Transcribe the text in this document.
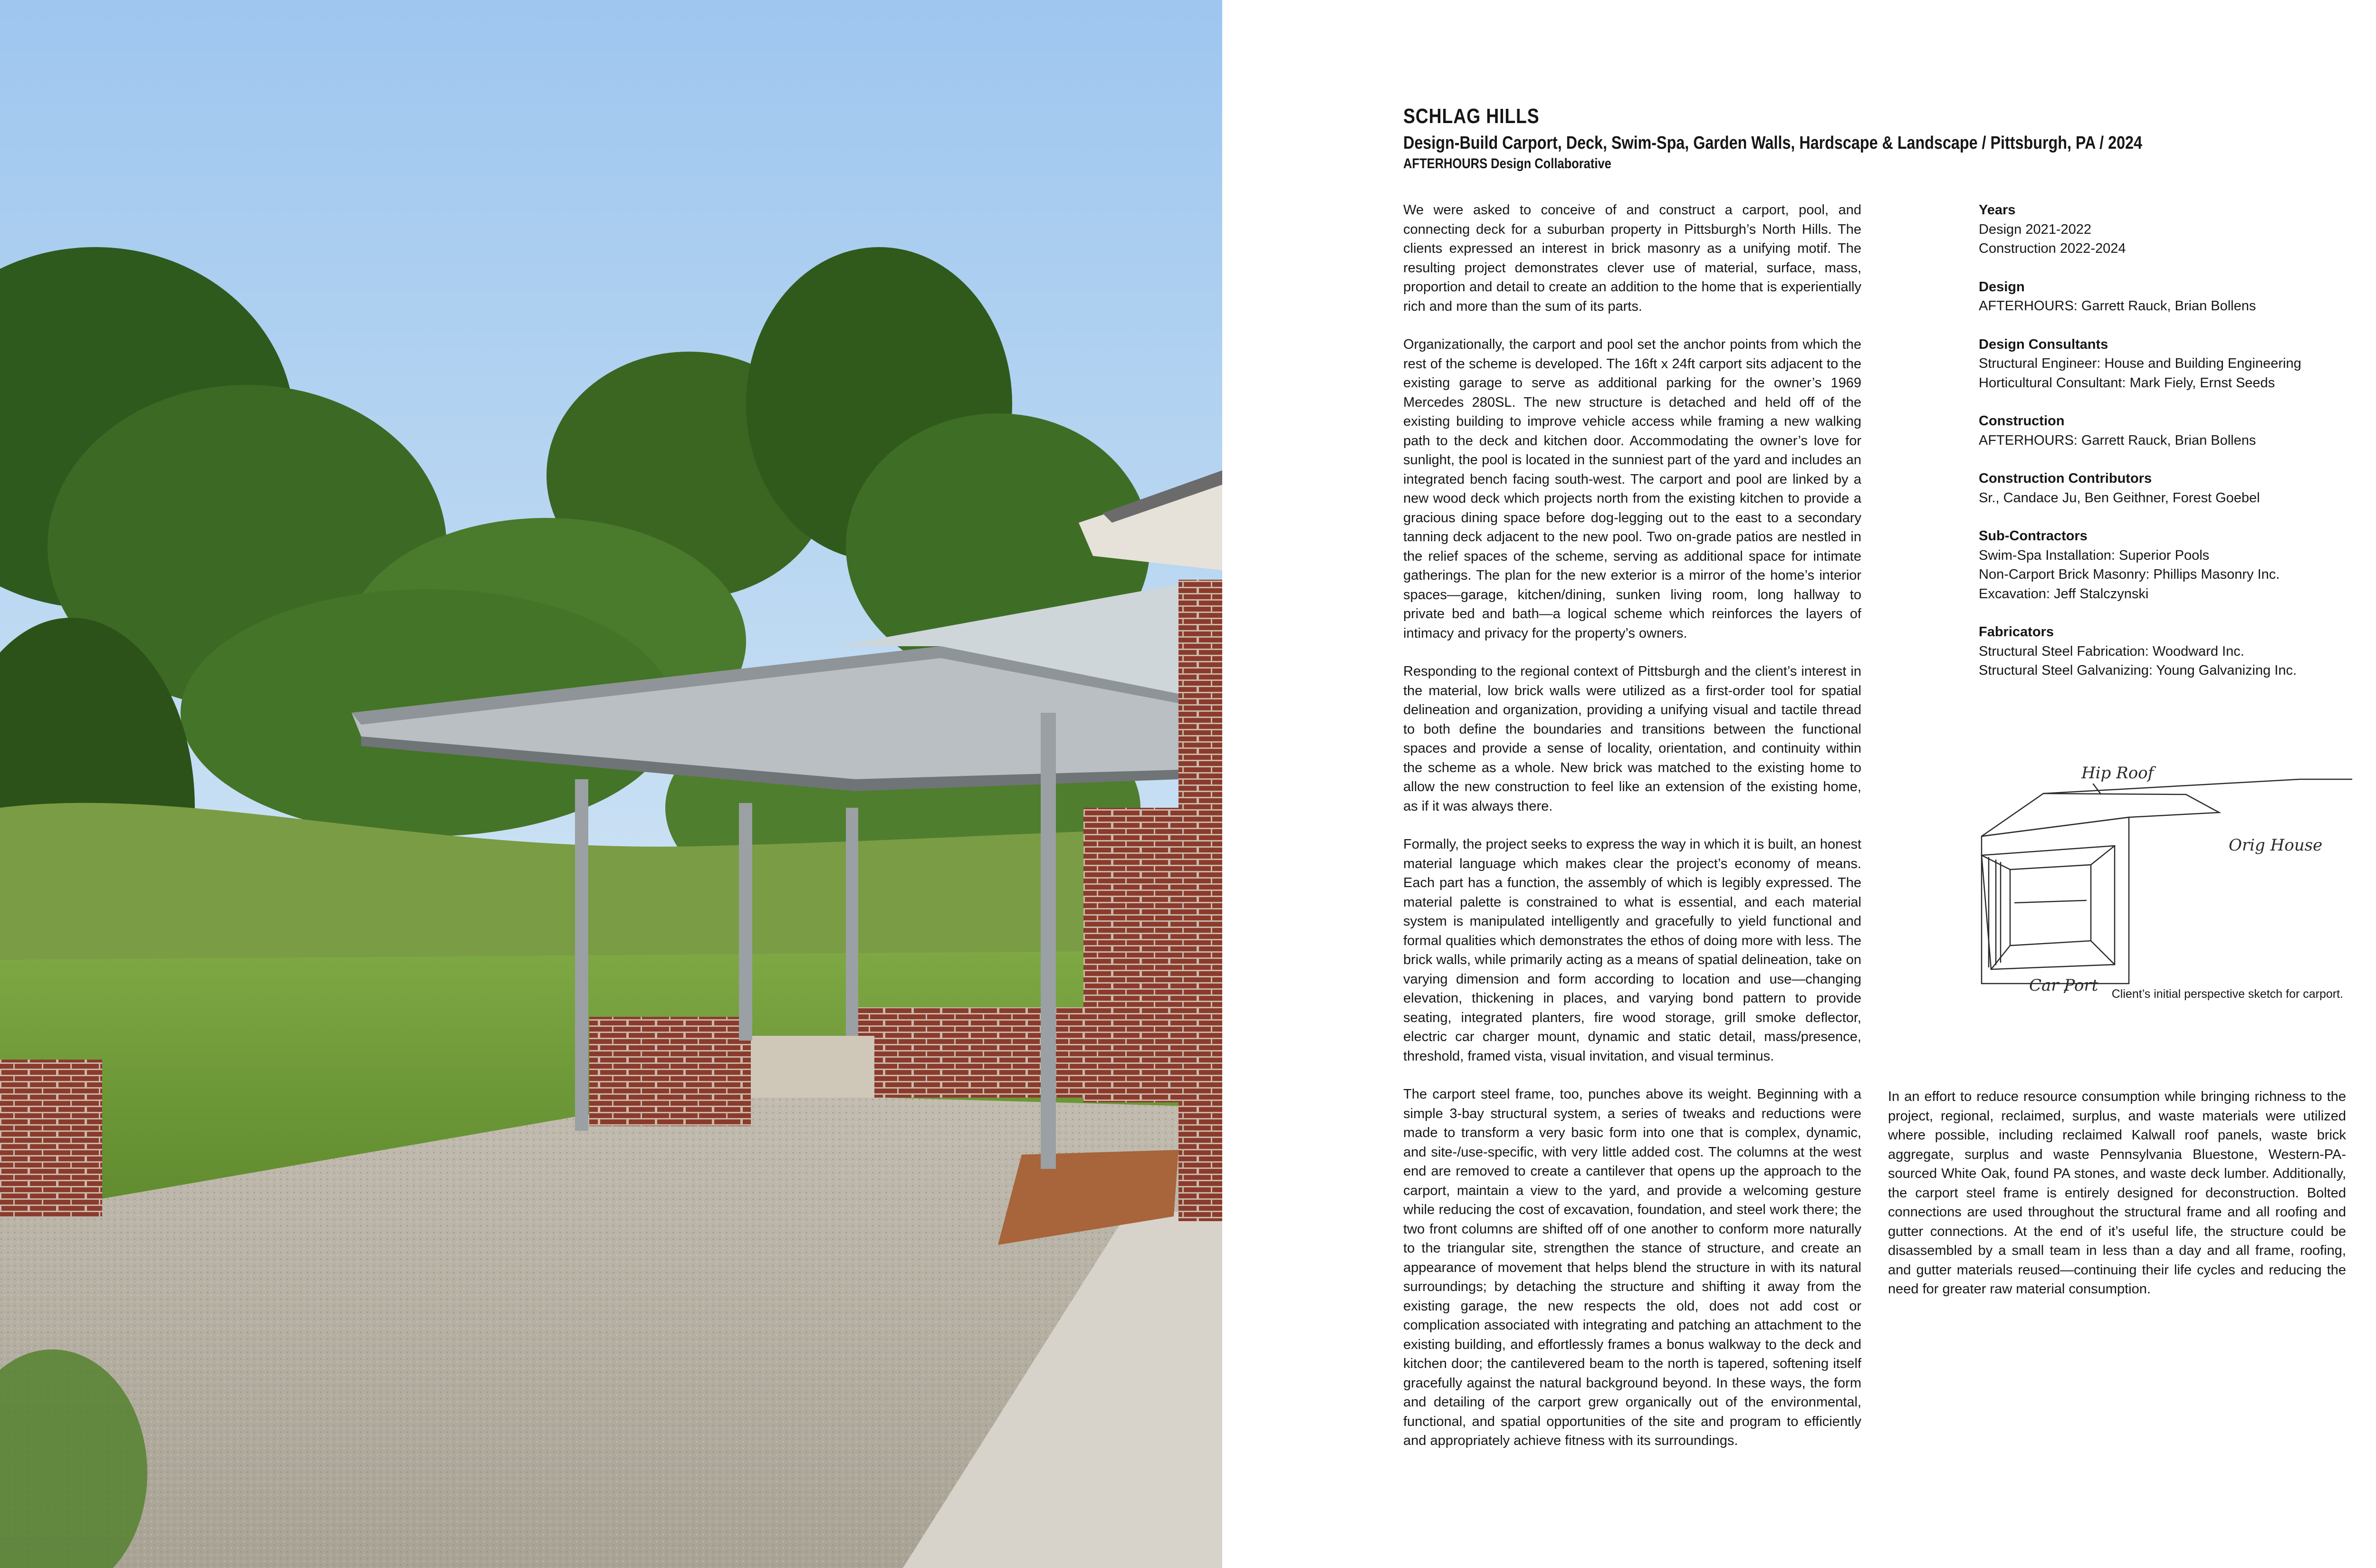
SCHLAG HILLS
Design-Build Carport, Deck, Swim-Spa, Garden Walls, Hardscape & Landscape / Pittsburgh, PA / 2024
AFTERHOURS Design Collaborative

We were asked to conceive of and construct a carport, pool, and connecting deck for a suburban property in Pittsburgh’s North Hills. The clients expressed an interest in brick masonry as a unifying motif. The resulting project demonstrates clever use of material, surface, mass, proportion and detail to create an addition to the home that is experientially rich and more than the sum of its parts.

Organizationally, the carport and pool set the anchor points from which the rest of the scheme is developed. The 16ft x 24ft carport sits adjacent to the existing garage to serve as additional parking for the owner’s 1969 Mercedes 280SL. The new structure is detached and held off of the existing building to improve vehicle access while framing a new walking path to the deck and kitchen door. Accommodating the owner’s love for sunlight, the pool is located in the sunniest part of the yard and includes an integrated bench facing south-west. The carport and pool are linked by a new wood deck which projects north from the existing kitchen to provide a gracious dining space before dog-legging out to the east to a secondary tanning deck adjacent to the new pool. Two on-grade patios are nestled in the relief spaces of the scheme, serving as additional space for intimate gatherings. The plan for the new exterior is a mirror of the home’s interior spaces—garage, kitchen/dining, sunken living room, long hallway to private bed and bath—a logical scheme which reinforces the layers of intimacy and privacy for the property’s owners.

Responding to the regional context of Pittsburgh and the client’s interest in the material, low brick walls were utilized as a first-order tool for spatial delineation and organization, providing a unifying visual and tactile thread to both define the boundaries and transitions between the functional spaces and provide a sense of locality, orientation, and continuity within the scheme as a whole. New brick was matched to the existing home to allow the new construction to feel like an extension of the existing home, as if it was always there.

Formally, the project seeks to express the way in which it is built, an honest material language which makes clear the project’s economy of means. Each part has a function, the assembly of which is legibly expressed. The material palette is constrained to what is essential, and each material system is manipulated intelligently and gracefully to yield functional and formal qualities which demonstrates the ethos of doing more with less. The brick walls, while primarily acting as a means of spatial delineation, take on varying dimension and form according to location and use—changing elevation, thickening in places, and varying bond pattern to provide seating, integrated planters, fire wood storage, grill smoke deflector, electric car charger mount, dynamic and static detail, mass/presence, threshold, framed vista, visual invitation, and visual terminus.

The carport steel frame, too, punches above its weight. Beginning with a simple 3-bay structural system, a series of tweaks and reductions were made to transform a very basic form into one that is complex, dynamic, and site-/use-specific, with very little added cost. The columns at the west end are removed to create a cantilever that opens up the approach to the carport, maintain a view to the yard, and provide a welcoming gesture while reducing the cost of excavation, foundation, and steel work there; the two front columns are shifted off of one another to conform more naturally to the triangular site, strengthen the stance of structure, and create an appearance of movement that helps blend the structure in with its natural surroundings; by detaching the structure and shifting it away from the existing garage, the new respects the old, does not add cost or complication associated with integrating and patching an attachment to the existing building, and effortlessly frames a bonus walkway to the deck and kitchen door; the cantilevered beam to the north is tapered, softening itself gracefully against the natural background beyond. In these ways, the form and detailing of the carport grew organically out of the environmental, functional, and spatial opportunities of the site and program to efficiently and appropriately achieve fitness with its surroundings.

In an effort to reduce resource consumption while bringing richness to the project, regional, reclaimed, surplus, and waste materials were utilized where possible, including reclaimed Kalwall roof panels, waste brick aggregate, surplus and waste Pennsylvania Bluestone, Western-PA-sourced White Oak, found PA stones, and waste deck lumber. Additionally, the carport steel frame is entirely designed for deconstruction. Bolted connections are used throughout the structural frame and all roofing and gutter connections. At the end of it’s useful life, the structure could be disassembled by a small team in less than a day and all frame, roofing, and gutter materials reused—continuing their life cycles and reducing the need for greater raw material consumption.

Years
Design 2021-2022
Construction 2022-2024
Design
AFTERHOURS: Garrett Rauck, Brian Bollens
Design Consultants
Structural Engineer: House and Building Engineering
Horticultural Consultant: Mark Fiely, Ernst Seeds
Construction
AFTERHOURS: Garrett Rauck, Brian Bollens
Construction Contributors
Sr., Candace Ju, Ben Geithner, Forest Goebel
Sub-Contractors
Swim-Spa Installation: Superior Pools
Non-Carport Brick Masonry: Phillips Masonry Inc.
Excavation: Jeff Stalczynski
Fabricators
Structural Steel Fabrication: Woodward Inc.
Structural Steel Galvanizing: Young Galvanizing Inc.
Hip Roof
Orig House
Car Port	Client’s initial perspective sketch for carport.
